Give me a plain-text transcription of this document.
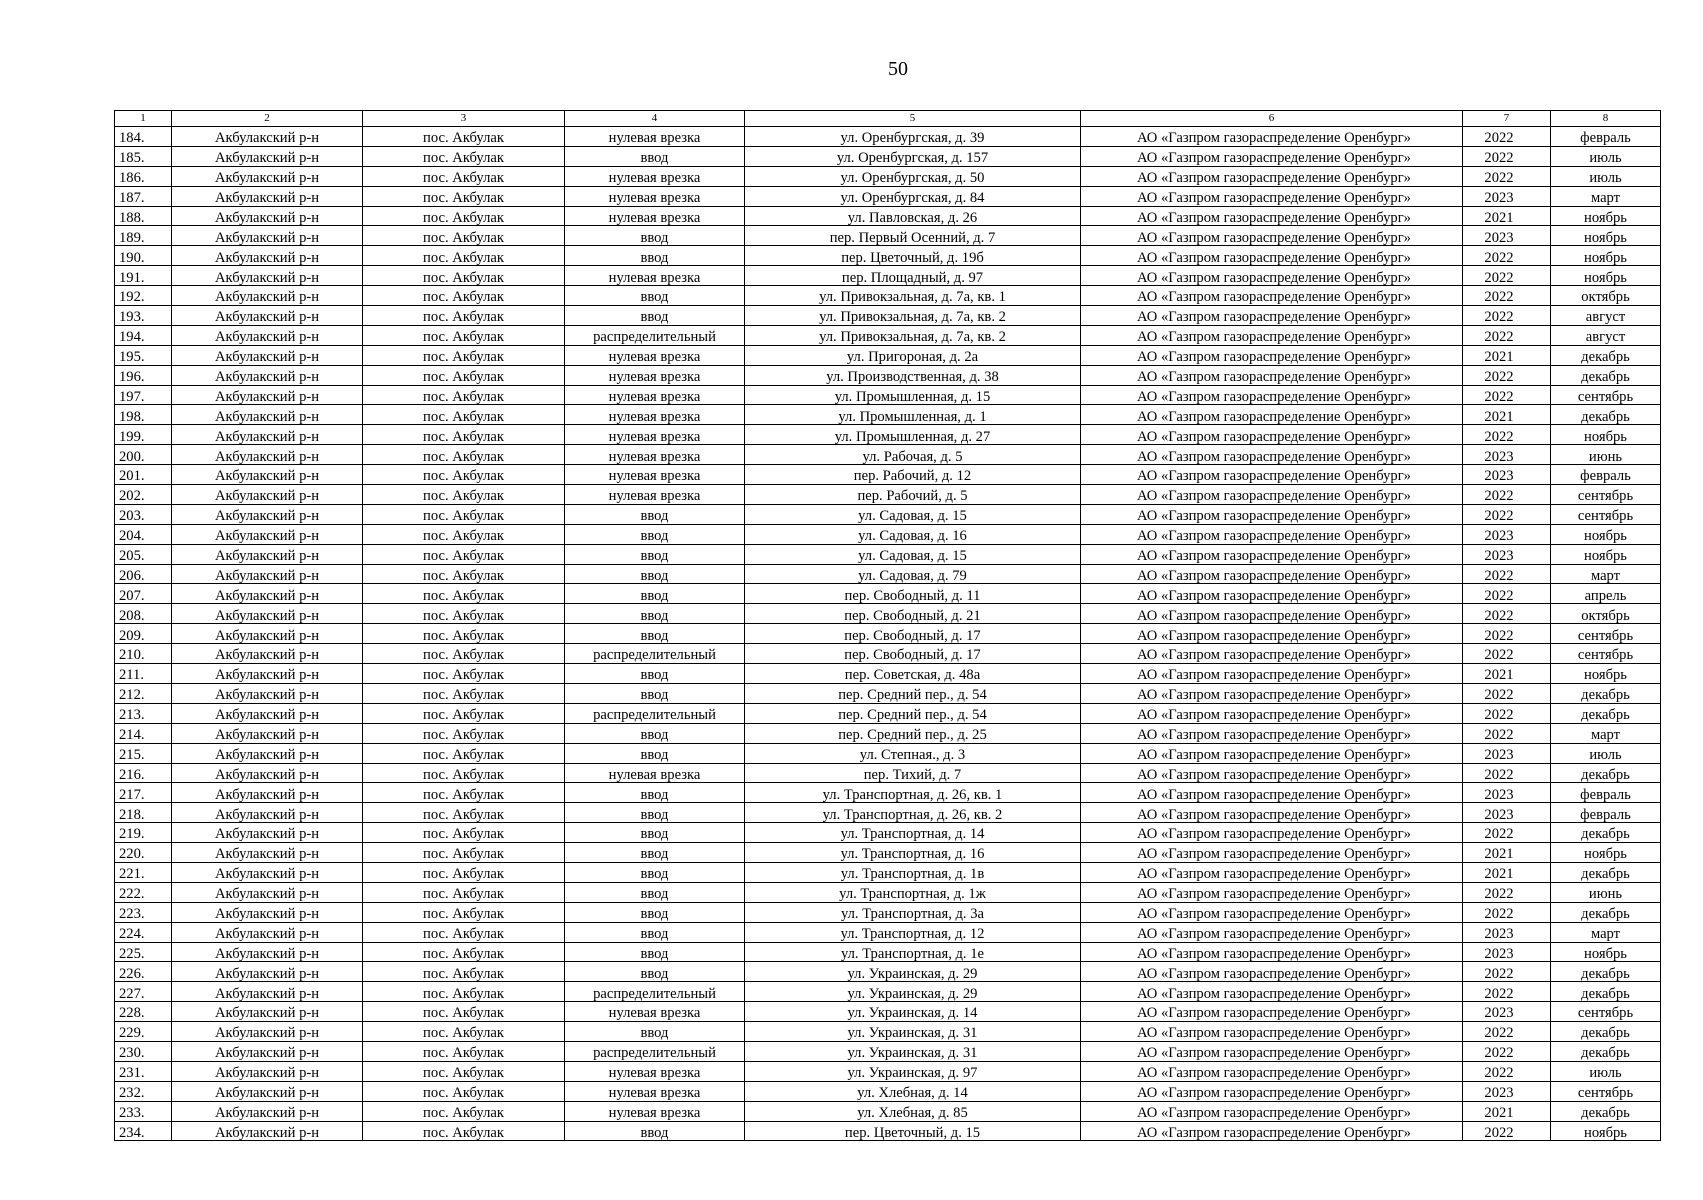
50
1	2	3	4	5	6	7	8
184.	Акбулакский р-н	пос. Акбулак	нулевая врезка	ул. Оренбургская, д. 39	АО «Газпром газораспределение Оренбург»	2022	февраль
185.	Акбулакский р-н	пос. Акбулак	ввод	ул. Оренбургская, д. 157	АО «Газпром газораспределение Оренбург»	2022	июль
186.	Акбулакский р-н	пос. Акбулак	нулевая врезка	ул. Оренбургская, д. 50	АО «Газпром газораспределение Оренбург»	2022	июль
187.	Акбулакский р-н	пос. Акбулак	нулевая врезка	ул. Оренбургская, д. 84	АО «Газпром газораспределение Оренбург»	2023	март
188.	Акбулакский р-н	пос. Акбулак	нулевая врезка	ул. Павловская, д. 26	АО «Газпром газораспределение Оренбург»	2021	ноябрь
189.	Акбулакский р-н	пос. Акбулак	ввод	пер. Первый Осенний, д. 7	АО «Газпром газораспределение Оренбург»	2023	ноябрь
190.	Акбулакский р-н	пос. Акбулак	ввод	пер. Цветочный, д. 19б	АО «Газпром газораспределение Оренбург»	2022	ноябрь
191.	Акбулакский р-н	пос. Акбулак	нулевая врезка	пер. Площадный, д. 97	АО «Газпром газораспределение Оренбург»	2022	ноябрь
192.	Акбулакский р-н	пос. Акбулак	ввод	ул. Привокзальная, д. 7а, кв. 1	АО «Газпром газораспределение Оренбург»	2022	октябрь
193.	Акбулакский р-н	пос. Акбулак	ввод	ул. Привокзальная, д. 7а, кв. 2	АО «Газпром газораспределение Оренбург»	2022	август
194.	Акбулакский р-н	пос. Акбулак	распределительный	ул. Привокзальная, д. 7а, кв. 2	АО «Газпром газораспределение Оренбург»	2022	август
195.	Акбулакский р-н	пос. Акбулак	нулевая врезка	ул. Пригороная, д. 2а	АО «Газпром газораспределение Оренбург»	2021	декабрь
196.	Акбулакский р-н	пос. Акбулак	нулевая врезка	ул. Производственная, д. 38	АО «Газпром газораспределение Оренбург»	2022	декабрь
197.	Акбулакский р-н	пос. Акбулак	нулевая врезка	ул. Промышленная, д. 15	АО «Газпром газораспределение Оренбург»	2022	сентябрь
198.	Акбулакский р-н	пос. Акбулак	нулевая врезка	ул. Промышленная, д. 1	АО «Газпром газораспределение Оренбург»	2021	декабрь
199.	Акбулакский р-н	пос. Акбулак	нулевая врезка	ул. Промышленная, д. 27	АО «Газпром газораспределение Оренбург»	2022	ноябрь
200.	Акбулакский р-н	пос. Акбулак	нулевая врезка	ул. Рабочая, д. 5	АО «Газпром газораспределение Оренбург»	2023	июнь
201.	Акбулакский р-н	пос. Акбулак	нулевая врезка	пер. Рабочий, д. 12	АО «Газпром газораспределение Оренбург»	2023	февраль
202.	Акбулакский р-н	пос. Акбулак	нулевая врезка	пер. Рабочий, д. 5	АО «Газпром газораспределение Оренбург»	2022	сентябрь
203.	Акбулакский р-н	пос. Акбулак	ввод	ул. Садовая, д. 15	АО «Газпром газораспределение Оренбург»	2022	сентябрь
204.	Акбулакский р-н	пос. Акбулак	ввод	ул. Садовая, д. 16	АО «Газпром газораспределение Оренбург»	2023	ноябрь
205.	Акбулакский р-н	пос. Акбулак	ввод	ул. Садовая, д. 15	АО «Газпром газораспределение Оренбург»	2023	ноябрь
206.	Акбулакский р-н	пос. Акбулак	ввод	ул. Садовая, д. 79	АО «Газпром газораспределение Оренбург»	2022	март
207.	Акбулакский р-н	пос. Акбулак	ввод	пер. Свободный, д. 11	АО «Газпром газораспределение Оренбург»	2022	апрель
208.	Акбулакский р-н	пос. Акбулак	ввод	пер. Свободный, д. 21	АО «Газпром газораспределение Оренбург»	2022	октябрь
209.	Акбулакский р-н	пос. Акбулак	ввод	пер. Свободный, д. 17	АО «Газпром газораспределение Оренбург»	2022	сентябрь
210.	Акбулакский р-н	пос. Акбулак	распределительный	пер. Свободный, д. 17	АО «Газпром газораспределение Оренбург»	2022	сентябрь
211.	Акбулакский р-н	пос. Акбулак	ввод	пер. Советская, д. 48а	АО «Газпром газораспределение Оренбург»	2021	ноябрь
212.	Акбулакский р-н	пос. Акбулак	ввод	пер. Средний пер., д. 54	АО «Газпром газораспределение Оренбург»	2022	декабрь
213.	Акбулакский р-н	пос. Акбулак	распределительный	пер. Средний пер., д. 54	АО «Газпром газораспределение Оренбург»	2022	декабрь
214.	Акбулакский р-н	пос. Акбулак	ввод	пер. Средний пер., д. 25	АО «Газпром газораспределение Оренбург»	2022	март
215.	Акбулакский р-н	пос. Акбулак	ввод	ул. Степная., д. 3	АО «Газпром газораспределение Оренбург»	2023	июль
216.	Акбулакский р-н	пос. Акбулак	нулевая врезка	пер. Тихий, д. 7	АО «Газпром газораспределение Оренбург»	2022	декабрь
217.	Акбулакский р-н	пос. Акбулак	ввод	ул. Транспортная, д. 26, кв. 1	АО «Газпром газораспределение Оренбург»	2023	февраль
218.	Акбулакский р-н	пос. Акбулак	ввод	ул. Транспортная, д. 26, кв. 2	АО «Газпром газораспределение Оренбург»	2023	февраль
219.	Акбулакский р-н	пос. Акбулак	ввод	ул. Транспортная, д. 14	АО «Газпром газораспределение Оренбург»	2022	декабрь
220.	Акбулакский р-н	пос. Акбулак	ввод	ул. Транспортная, д. 16	АО «Газпром газораспределение Оренбург»	2021	ноябрь
221.	Акбулакский р-н	пос. Акбулак	ввод	ул. Транспортная, д. 1в	АО «Газпром газораспределение Оренбург»	2021	декабрь
222.	Акбулакский р-н	пос. Акбулак	ввод	ул. Транспортная, д. 1ж	АО «Газпром газораспределение Оренбург»	2022	июнь
223.	Акбулакский р-н	пос. Акбулак	ввод	ул. Транспортная, д. 3а	АО «Газпром газораспределение Оренбург»	2022	декабрь
224.	Акбулакский р-н	пос. Акбулак	ввод	ул. Транспортная, д. 12	АО «Газпром газораспределение Оренбург»	2023	март
225.	Акбулакский р-н	пос. Акбулак	ввод	ул. Транспортная, д. 1е	АО «Газпром газораспределение Оренбург»	2023	ноябрь
226.	Акбулакский р-н	пос. Акбулак	ввод	ул. Украинская, д. 29	АО «Газпром газораспределение Оренбург»	2022	декабрь
227.	Акбулакский р-н	пос. Акбулак	распределительный	ул. Украинская, д. 29	АО «Газпром газораспределение Оренбург»	2022	декабрь
228.	Акбулакский р-н	пос. Акбулак	нулевая врезка	ул. Украинская, д. 14	АО «Газпром газораспределение Оренбург»	2023	сентябрь
229.	Акбулакский р-н	пос. Акбулак	ввод	ул. Украинская, д. 31	АО «Газпром газораспределение Оренбург»	2022	декабрь
230.	Акбулакский р-н	пос. Акбулак	распределительный	ул. Украинская, д. 31	АО «Газпром газораспределение Оренбург»	2022	декабрь
231.	Акбулакский р-н	пос. Акбулак	нулевая врезка	ул. Украинская, д. 97	АО «Газпром газораспределение Оренбург»	2022	июль
232.	Акбулакский р-н	пос. Акбулак	нулевая врезка	ул. Хлебная, д. 14	АО «Газпром газораспределение Оренбург»	2023	сентябрь
233.	Акбулакский р-н	пос. Акбулак	нулевая врезка	ул. Хлебная, д. 85	АО «Газпром газораспределение Оренбург»	2021	декабрь
234.	Акбулакский р-н	пос. Акбулак	ввод	пер. Цветочный, д. 15	АО «Газпром газораспределение Оренбург»	2022	ноябрь
